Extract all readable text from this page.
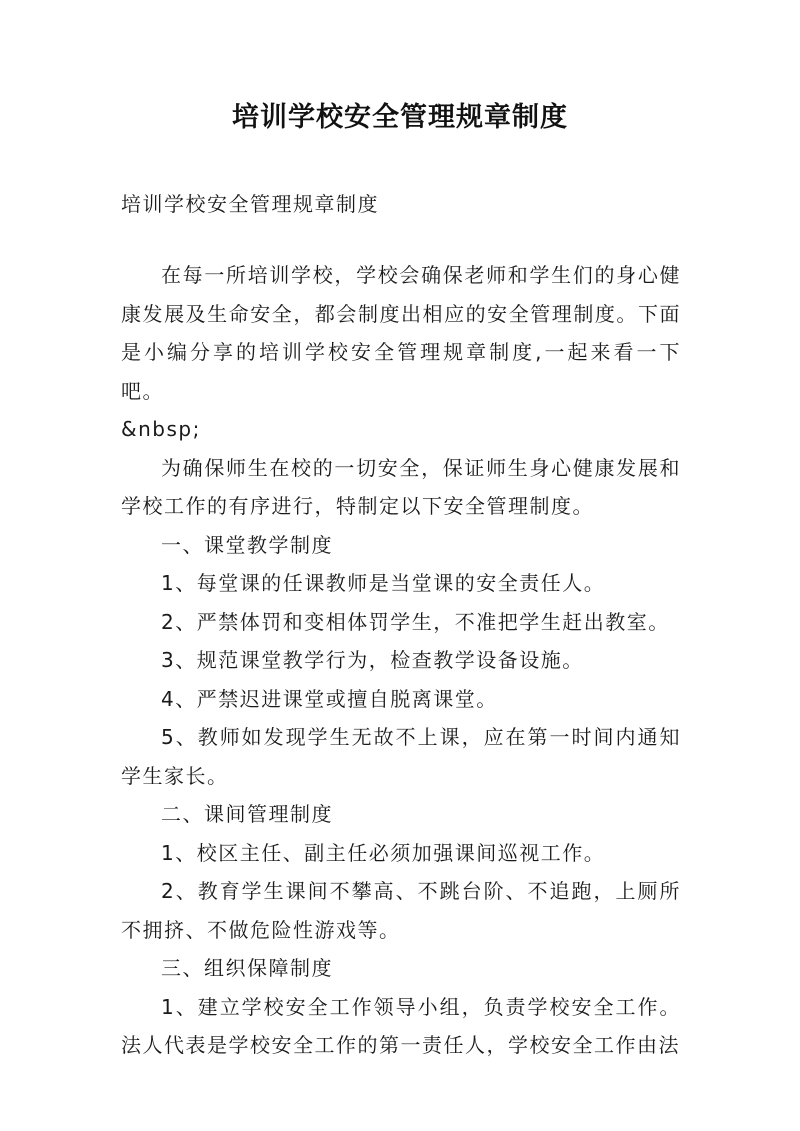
培训学校安全管理规章制度
培训学校安全管理规章制度

在每一所培训学校，学校会确保老师和学生们的身心健康发展及生命安全，都会制度出相应的安全管理制度。下面是小编分享的培训学校安全管理规章制度,一起来看一下吧。

&nbsp;

为确保师生在校的一切安全，保证师生身心健康发展和学校工作的有序进行，特制定以下安全管理制度。

一、课堂教学制度

1、每堂课的任课教师是当堂课的安全责任人。

2、严禁体罚和变相体罚学生，不准把学生赶出教室。

3、规范课堂教学行为，检查教学设备设施。

4、严禁迟进课堂或擅自脱离课堂。

5、教师如发现学生无故不上课，应在第一时间内通知学生家长。

二、课间管理制度

1、校区主任、副主任必须加强课间巡视工作。

2、教育学生课间不攀高、不跳台阶、不追跑，上厕所不拥挤、不做危险性游戏等。

三、组织保障制度

1、建立学校安全工作领导小组，负责学校安全工作。法人代表是学校安全工作的第一责任人，学校安全工作由法
